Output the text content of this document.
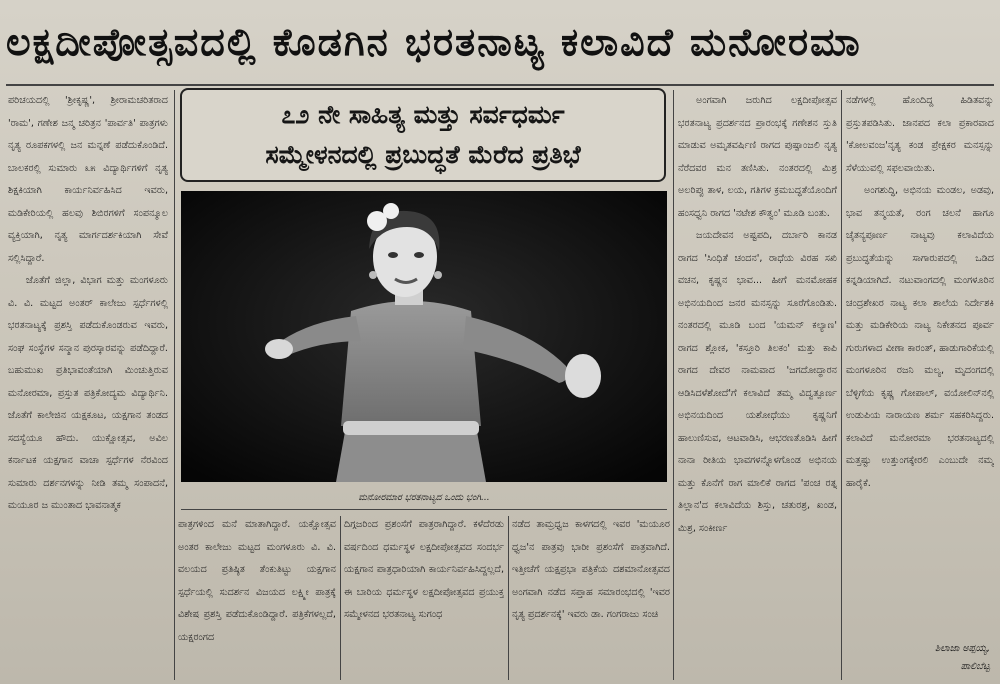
ಲಕ್ಷದೀಪೋತ್ಸವದಲ್ಲಿ ಕೊಡಗಿನ ಭರತನಾಟ್ಯ ಕಲಾವಿದೆ ಮನೋರಮಾ

ಪರಿಚಯದಲ್ಲಿ 'ಶ್ರೀಕೃಷ್ಣ', ಶ್ರೀರಾಮಚರಿತರಾದ 'ರಾಮ', ಗಣೇಶ ಜನ್ಮ ಚರಿತ್ರನ 'ಪಾರ್ವತಿ' ಪಾತ್ರಗಳು ನೃತ್ಯ ರೂಪಕಗಳಲ್ಲಿ ಜನ ಮನ್ನಣೆ ಪಡೆದುಕೊಂಡಿದೆ. ಬಾಲಕರಲ್ಲಿ ಸುಮಾರು ೩೫ ವಿದ್ಯಾರ್ಥಿಗಳಿಗೆ ನೃತ್ಯ ಶಿಕ್ಷಕಿಯಾಗಿ ಕಾರ್ಯನಿರ್ವಹಿಸಿದ ಇವರು, ಮಡಿಕೇರಿಯಲ್ಲಿ ಹಲವು ಶಿಬಿರಗಳಿಗೆ ಸಂಪನ್ಮೂಲ ವ್ಯಕ್ತಿಯಾಗಿ, ನೃತ್ಯ ಮಾರ್ಗದರ್ಶಕಿಯಾಗಿ ಸೇವೆ ಸಲ್ಲಿಸಿದ್ದಾರೆ.

ಜೊತೆಗೆ ಜಿಲ್ಲಾ, ವಿಭಾಗ ಮತ್ತು ಮಂಗಳೂರು ವಿ. ವಿ. ಮಟ್ಟದ ಅಂತರ್ ಕಾಲೇಜು ಸ್ಪರ್ಧೆಗಳಲ್ಲಿ ಭರತನಾಟ್ಯಕ್ಕೆ ಪ್ರಶಸ್ತಿ ಪಡೆದುಕೊಂಡರುವ ಇವರು, ಸಂಘ ಸಂಸ್ಥೆಗಳ ಸನ್ಮಾನ ಪುರಸ್ಕಾರವನ್ನು ಪಡೆದಿದ್ದಾರೆ. ಬಹುಮುಖ ಪ್ರತಿಭಾವಂತೆಯಾಗಿ ಮಿಂಚುತ್ತಿರುವ ಮನೋರಮಾ, ಪ್ರಸ್ತುತ ಪತ್ರಿಕೋದ್ಯಮ ವಿದ್ಯಾರ್ಥಿನಿ. ಜೊತೆಗೆ ಕಾಲೇಜಿನ ಯಕ್ಷಕೂಟ, ಯಕ್ಷಗಾನ ತಂಡದ ಸದಸ್ಯೆಯೂ ಹೌದು. ಯುಕ್ಷೋತ್ಸವ, ಅವಿಲ ಕರ್ನಾಟಕ ಯಕ್ಷಗಾನ ವಾಚಾ ಸ್ಪರ್ಧೆಗಳ ನೆರವಿಂದ ಸುಮಾರು ದರ್ಶನಗಳನ್ನು ನೀಡಿ ತಮ್ಮ ಸಂಪಾದನೆ, ಮಯೂರ ಜ ಮುಂತಾದ ಭಾವನಾತ್ಮಕ

೭೨ ನೇ ಸಾಹಿತ್ಯ ಮತ್ತು ಸರ್ವಧರ್ಮ
ಸಮ್ಮೇಳನದಲ್ಲಿ ಪ್ರಬುದ್ಧತೆ ಮೆರೆದ ಪ್ರತಿಭೆ
ಮನೋರಮಾರ ಭರತನಾಟ್ಯದ ಒಂದು ಭಂಗಿ...

ಪಾತ್ರಗಳಿಂದ ಮನೆ ಮಾತಾಗಿದ್ದಾರೆ. ಯಕ್ಷೋತ್ಸವ ಅಂತರ ಕಾಲೇಜು ಮಟ್ಟದ ಮಂಗಳೂರು ವಿ. ವಿ. ವಲಯದ ಪ್ರತಿಷ್ಠಿತ ತೆಂಕುತಿಟ್ಟು ಯಕ್ಷಗಾನ ಸ್ಪರ್ಧೆಯಲ್ಲಿ ಸುದರ್ಶನ ವಿಜಯದ ಲಕ್ಷ್ಮೀ ಪಾತ್ರಕ್ಕೆ ವಿಶೇಷ ಪ್ರಶಸ್ತಿ ಪಡೆದುಕೊಂಡಿದ್ದಾರೆ. ಪತ್ರಿಕೆಗಳಲ್ಲದೆ, ಯಕ್ಷರಂಗದ

ದಿಗ್ಗಜರಿಂದ ಪ್ರಶಂಸೆಗೆ ಪಾತ್ರರಾಗಿದ್ದಾರೆ. ಕಳೆದೆರಡು ವರ್ಷದಿಂದ ಧರ್ಮಸ್ಥಳ ಲಕ್ಷದೀಪೋತ್ಸವದ ಸಂದರ್ಭ ಯಕ್ಷಗಾನ ಪಾತ್ರಧಾರಿಯಾಗಿ ಕಾರ್ಯನಿರ್ವಹಿಸಿದ್ದಲ್ಲದೆ, ಈ ಬಾರಿಯ ಧರ್ಮಸ್ಥಳ ಲಕ್ಷದೀಪೋತ್ಸವದ ಪ್ರಯುಕ್ತ ಸಮ್ಮೇಳನದ ಭರತನಾಟ್ಯ ಸುಗಂಧ

ನಡೆದ ತಾಮ್ರಧ್ವಜ ಕಾಳಗದಲ್ಲಿ ಇವರ 'ಮಯೂರ ಧ್ವಜ'ನ ಪಾತ್ರವು ಭಾರೀ ಪ್ರಶಂಸೆಗೆ ಪಾತ್ರವಾಗಿದೆ. ಇತ್ತೀಚೆಗೆ ಯಕ್ಷಪ್ರಭಾ ಪತ್ರಿಕೆಯ ದಶಮಾನೋತ್ಸವದ ಅಂಗವಾಗಿ ನಡೆದ ಸಪ್ತಾಹ ಸಮಾರಂಭದಲ್ಲಿ 'ಇವರ ನೃತ್ಯ ಪ್ರದರ್ಶನಕ್ಕೆ' ಇವರು ಡಾ. ಗಂಗರಾಜು ಸಂಚಿ

ಅಂಗವಾಗಿ ಜರುಗಿದ ಲಕ್ಷದೀಪೋತ್ಸವ ಭರತನಾಟ್ಯ ಪ್ರದರ್ಶನದ ಪ್ರಾರಂಭಕ್ಕೆ ಗಣೇಶನ ಸ್ತುತಿ ಮಾಡುವ ಅಮೃತವರ್ಷಿಣಿ ರಾಗದ ಪುಷ್ಪಾಂಜಲಿ ನೃತ್ಯ ನೆರೆದವರ ಮನ ತಣಿಸಿತು. ನಂತರದಲ್ಲಿ ಮಿಶ್ರ ಅಲರಿಪ್ಪು ತಾಳ, ಲಯ, ಗತಿಗಳ ಕ್ರಮಬದ್ಧತೆಯೊಂದಿಗೆ ಹಂಸಧ್ವನಿ ರಾಗದ 'ನಟೇಶ ಕೌತ್ವಂ' ಮೂಡಿ ಬಂತು.

ಜಯದೇವನ ಅಷ್ಟಪದಿ, ದರ್ಬಾರಿ ಕಾನಡ ರಾಗದ 'ಸಿಂಧಿತೆ ಚಂದನ', ರಾಧೆಯ ವಿರಹ ಸಖಿ ವಚನ, ಕೃಷ್ಣನ ಭಾವ... ಹೀಗೆ ಮನಮೋಹಕ ಅಭಿನಯದಿಂದ ಜನರ ಮನಸ್ಸನ್ನು ಸೂರೆಗೊಂಡಿತು. ನಂತರದಲ್ಲಿ ಮೂಡಿ ಬಂದ 'ಯಮನ್ ಕಲ್ಯಾಣ' ರಾಗದ ಶ್ಲೋಕ, 'ಕಸ್ತೂರಿ ತಿಲಕಂ' ಮತ್ತು ಕಾಪಿ ರಾಗದ ದೇವರ ನಾಮವಾದ 'ಜಗದೋದ್ಧಾರನ ಆಡಿಸಿದಳೆಶೋದೆ'ಗೆ ಕಲಾವಿದೆ ತಮ್ಮ ವಿದ್ವತ್ಪೂರ್ಣ ಅಭಿನಯದಿಂದ ಯಶೋಧೆಯು ಕೃಷ್ಣನಿಗೆ ಹಾಲುಣಿಸುವ, ಆಟವಾಡಿಸಿ, ಆಭರಣತೊಡಿಸಿ ಹೀಗೆ ನಾನಾ ರೀತಿಯ ಭಾವಗಳನ್ನೊಳಗೊಂಡ ಅಭಿನಯ ಮತ್ತು ಕೊನೆಗೆ ರಾಗ ಮಾಲಿಕೆ ರಾಗದ 'ಪಂಚ ರತ್ನ ತಿಲ್ಲಾನ'ದ ಕಲಾವಿದೆಯ ಶಿಸ್ತು, ಚತುರಶ್ರ, ಖಂಡ, ಮಿಶ್ರ, ಸಂಕೀರ್ಣ

ನಡೆಗಳಲ್ಲಿ ಹೊಂದಿದ್ದ ಹಿಡಿತವನ್ನು ಪ್ರಸ್ತುತಪಡಿಸಿತು. ಜಾನಪದ ಕಲಾ ಪ್ರಕಾರವಾದ 'ಕೋಲವಂಜ'ನೃತ್ಯ ಕಂಡ ಪ್ರೇಕ್ಷಕರ ಮನಸ್ಸನ್ನು ಸೆಳೆಯುವಲ್ಲಿ ಸಫಲವಾಯಿತು.

ಅಂಗಶುದ್ಧಿ, ಅಭಿನಯ ಮಂಡಲ, ಅಡವು, ಭಾವ ತನ್ಮಯತೆ, ರಂಗ ಚಲನೆ ಹಾಗೂ ಚೈತನ್ಯಪೂರ್ಣ ನಾಟ್ಯವು ಕಲಾವಿದೆಯ ಪ್ರಬುದ್ಧತೆಯನ್ನು ಸಾಗಾರುಪದಲ್ಲಿ ಒಡಿದ ಕನ್ನಡಿಯಾಗಿದೆ. ನಟುವಾಂಗದಲ್ಲಿ ಮಂಗಳೂರಿನ ಚಂದ್ರಶೇಖರ ನಾಟ್ಯ ಕಲಾ ಶಾಲೆಯ ನಿರ್ದೇಶಕಿ ಮತ್ತು ಮಡಿಕೇರಿಯ ನಾಟ್ಯ ನಿಕೇತನದ ಪೂರ್ವ ಗುರುಗಳಾದ ವೀಣಾ ಕಾರಂತ್, ಹಾಡುಗಾರಿಕೆಯಲ್ಲಿ ಮಂಗಳೂರಿನ ರಜನಿ ಮಲ್ಯ, ಮೃದಂಗದಲ್ಲಿ ಬೆಳ್ಳಿಗೆಯ ಕೃಷ್ಣ ಗೋಪಾಲ್, ವಯೋಲಿನ್‌ನಲ್ಲಿ ಉಡುಪಿಯ ನಾರಾಯಣ ಶರ್ಮ ಸಹಕರಿಸಿದ್ದರು. ಕಲಾವಿದೆ ಮನೋರಮಾ ಭರತನಾಟ್ಯದಲ್ಲಿ ಮತ್ತಷ್ಟು ಉತ್ತುಂಗಕ್ಕೇರಲಿ ಎಂಬುದೇ ನಮ್ಮ ಹಾರೈಕೆ.

ಶಿಲಾಜಾ ಅಪ್ಪಯ್ಯ,
ಪಾಲಿಬೆಟ್ಟ
